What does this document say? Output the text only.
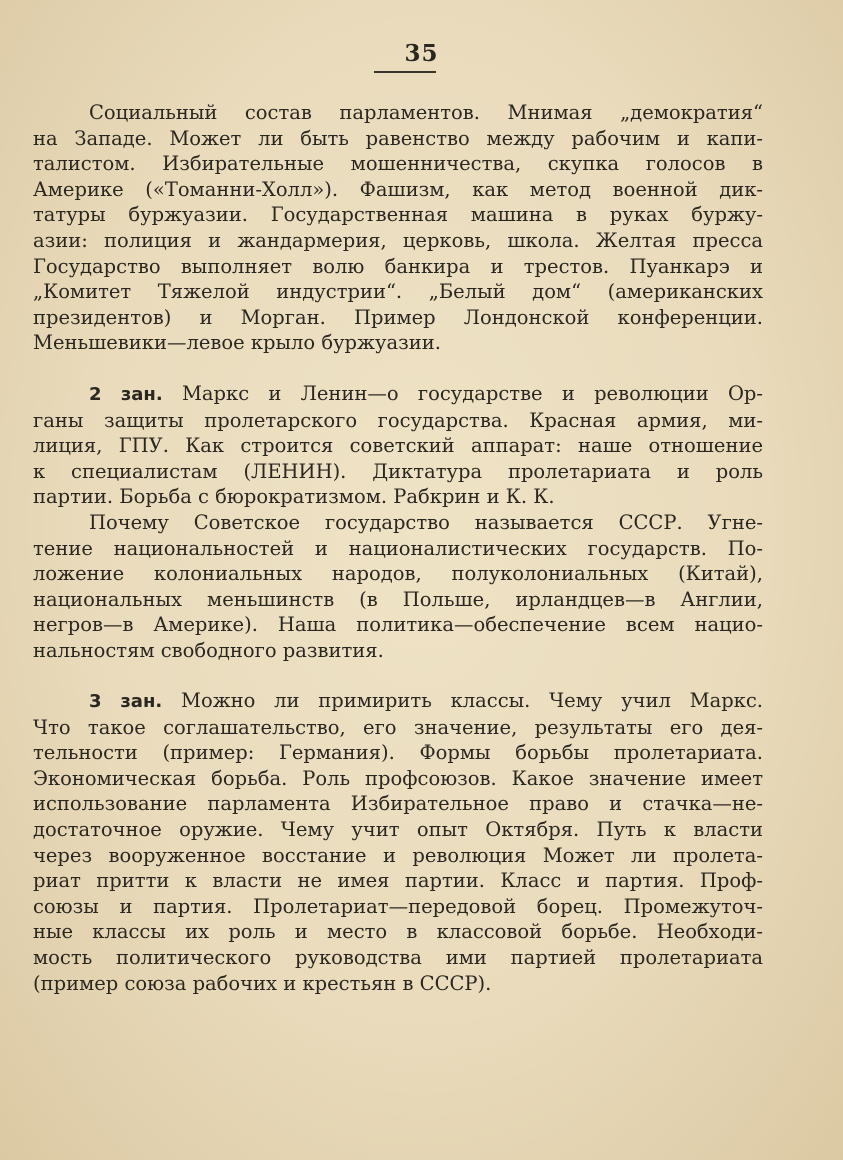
35
Социальный состав парламентов. Мнимая „демократия“
на Западе. Может ли быть равенство между рабочим и капи-
талистом. Избирательные мошенничества, скупка голосов в
Америке («Томанни-Холл»). Фашизм, как метод военной дик-
татуры буржуазии. Государственная машина в руках буржу-
азии: полиция и жандармерия, церковь, школа. Желтая пресса
Государство выполняет волю банкира и трестов. Пуанкарэ и
„Комитет Тяжелой индустрии“. „Белый дом“ (американских
президентов) и Морган. Пример Лондонской конференции.
Меньшевики—левое крыло буржуазии.
2 зан. Маркс и Ленин—о государстве и революции Ор-
ганы защиты пролетарского государства. Красная армия, ми-
лиция, ГПУ. Как строится советский аппарат: наше отношение
к специалистам (ЛЕНИН). Диктатура пролетариата и роль
партии. Борьба с бюрократизмом. Рабкрин и К. К.
Почему Советское государство называется СССР. Угне-
тение национальностей и националистических государств. По-
ложение колониальных народов, полуколониальных (Китай),
национальных меньшинств (в Польше, ирландцев—в Англии,
негров—в Америке). Наша политика—обеспечение всем нацио-
нальностям свободного развития.
3 зан. Можно ли примирить классы. Чему учил Маркс.
Что такое соглашательство, его значение, результаты его дея-
тельности (пример: Германия). Формы борьбы пролетариата.
Экономическая борьба. Роль профсоюзов. Какое значение имеет
использование парламента Избирательное право и стачка—не-
достаточное оружие. Чему учит опыт Октября. Путь к власти
через вооруженное восстание и революция Может ли пролета-
риат притти к власти не имея партии. Класс и партия. Проф-
союзы и партия. Пролетариат—передовой борец. Промежуточ-
ные классы их роль и место в классовой борьбе. Необходи-
мость политического руководства ими партией пролетариата
(пример союза рабочих и крестьян в СССР).
